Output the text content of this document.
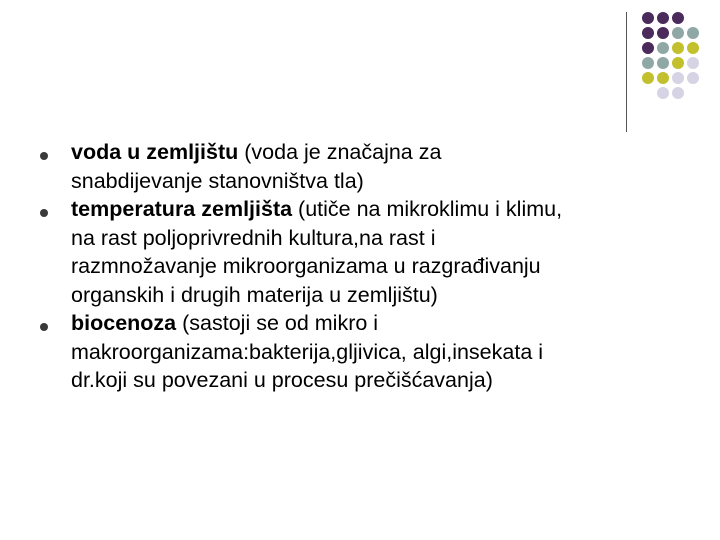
voda u zemljištu (voda je značajna za
snabdijevanje stanovništva tla)
temperatura zemljišta (utiče na mikroklimu i klimu,
na rast poljoprivrednih kultura,na rast i
razmnožavanje mikroorganizama u razgrađivanju
organskih i drugih materija u zemljištu)
biocenoza (sastoji se od mikro i
makroorganizama:bakterija,gljivica, algi,insekata i
dr.koji su povezani u procesu prečišćavanja)
